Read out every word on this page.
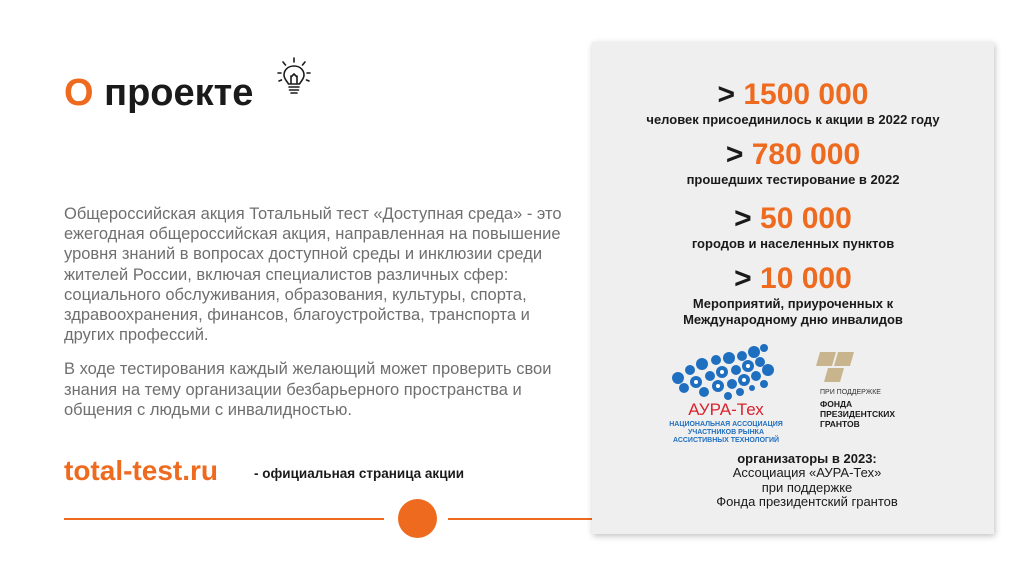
О проекте

Общероссийская акция Тотальный тест «Доступная среда» - это ежегодная общероссийская акция, направленная на повышение уровня знаний в вопросах доступной среды и инклюзии среди жителей России, включая специалистов различных сфер: социального обслуживания, образования, культуры, спорта, здравоохранения, финансов, благоустройства, транспорта и других профессий.

В ходе тестирования каждый желающий может проверить свои знания на тему организации безбарьерного пространства и общения с людьми с инвалидностью.

total-test.ru	- официальная страница акции
> 1500 000
человек присоединилось к акции в 2022 году
> 780 000
прошедших тестирование в 2022
> 50 000
городов и населенных пунктов
> 10 000
Мероприятий, приуроченных к
Международному дню инвалидов
АУРА-Тех
НАЦИОНАЛЬНАЯ АССОЦИАЦИЯ
УЧАСТНИКОВ РЫНКА
АССИСТИВНЫХ ТЕХНОЛОГИЙ
ПРИ ПОДДЕРЖКЕ
ФОНДА
ПРЕЗИДЕНТСКИХ
ГРАНТОВ
организаторы в 2023:
Ассоциация «АУРА-Тех»
при поддержке
Фонда президентский грантов
